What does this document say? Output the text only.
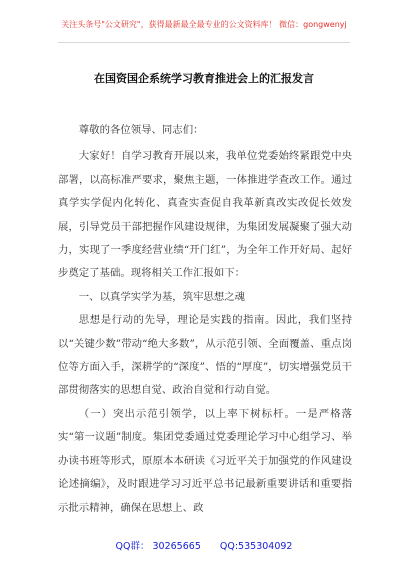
关注头条号"公文研究"，获得最新最全最专业的公文资料库！ 微信：gongwenyj
在国资国企系统学习教育推进会上的汇报发言

尊敬的各位领导、同志们：

大家好！自学习教育开展以来，我单位党委始终紧跟党中央部署，以高标准严要求，聚焦主题，一体推进学查改工作。通过真学实学促内化转化、真查实查促自我革新真改实改促长效发展，引导党员干部把握作风建设规律，为集团发展凝聚了强大动力，实现了一季度经营业绩“开门红”，为全年工作开好局、起好步奠定了基础。现将相关工作汇报如下：

一、以真学实学为基，筑牢思想之魂

思想是行动的先导，理论是实践的指南。因此，我们坚持以“关键少数”带动“绝大多数”，从示范引领、全面覆盖、重点岗位等方面入手，深耕学的“深度”、悟的“厚度”，切实增强党员干部贯彻落实的思想自觉、政治自觉和行动自觉。

（一）突出示范引领学，以上率下树标杆。一是严格落实“第一议题”制度。集团党委通过党委理论学习中心组学习、举办读书班等形式，原原本本研读《习近平关于加强党的作风建设论述摘编》，及时跟进学习习近平总书记最新重要讲话和重要指示批示精神，确保在思想上、政

QQ群： 30265665 QQ:535304092
